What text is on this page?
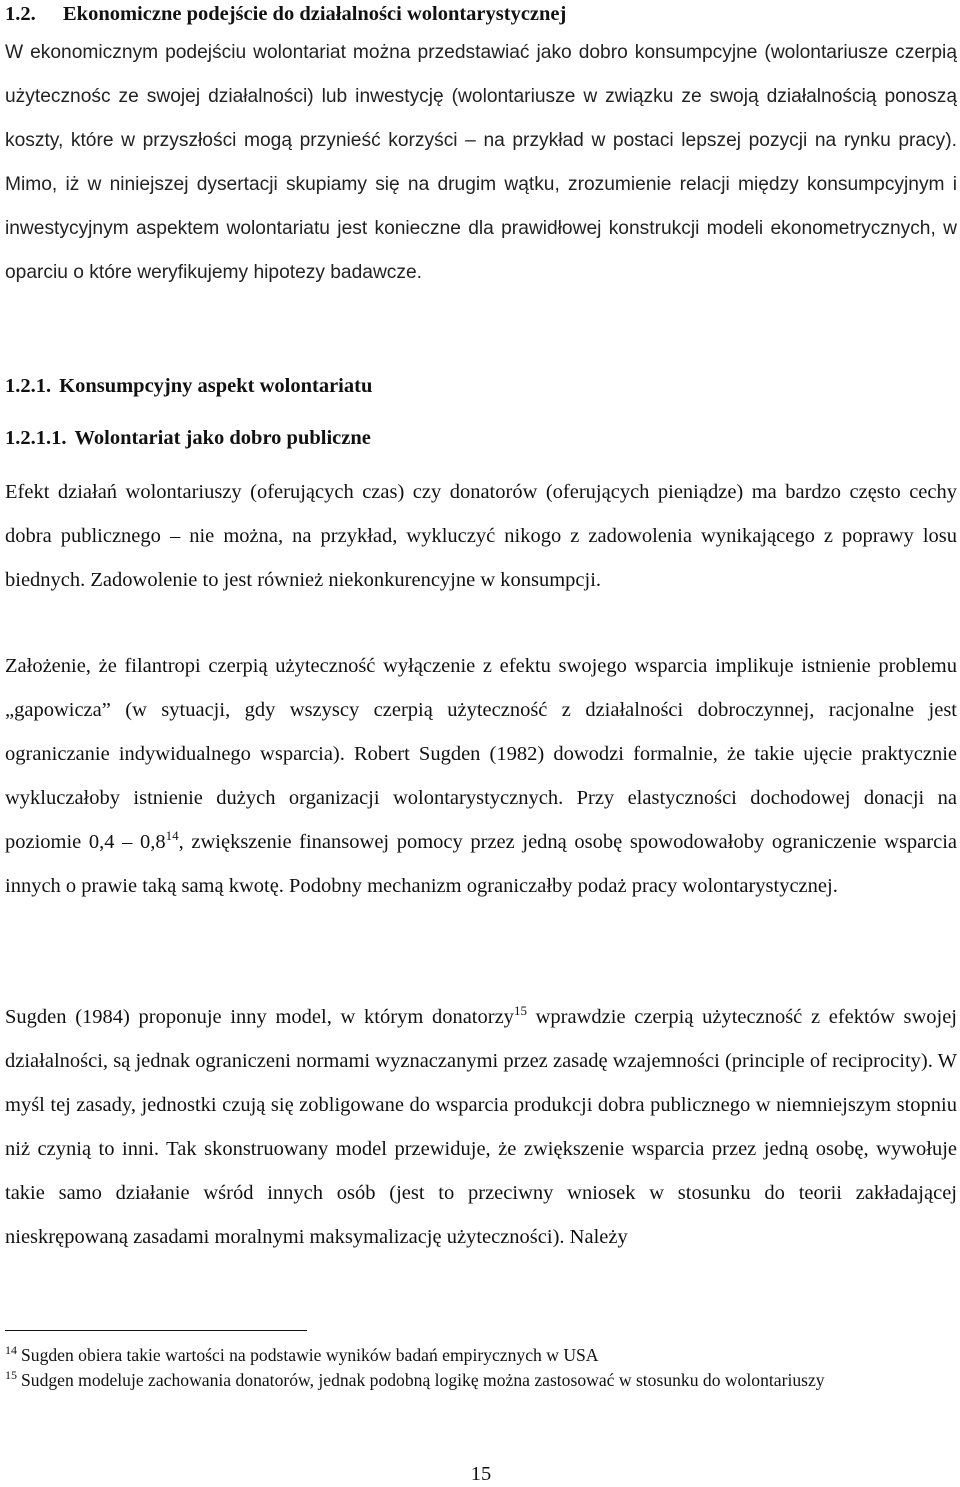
1.2. Ekonomiczne podejście do działalności wolontarystycznej
W ekonomicznym podejściu wolontariat można przedstawiać jako dobro konsumpcyjne (wolontariusze czerpią użytecznośc ze swojej działalności) lub inwestycję (wolontariusze w związku ze swoją działalnością ponoszą koszty, które w przyszłości mogą przynieść korzyści – na przykład w postaci lepszej pozycji na rynku pracy). Mimo, iż w niniejszej dysertacji skupiamy się na drugim wątku, zrozumienie relacji między konsumpcyjnym i inwestycyjnym aspektem wolontariatu jest konieczne dla prawidłowej konstrukcji modeli ekonometrycznych, w oparciu o które weryfikujemy hipotezy badawcze.
1.2.1. Konsumpcyjny aspekt wolontariatu
1.2.1.1. Wolontariat jako dobro publiczne
Efekt działań wolontariuszy (oferujących czas) czy donatorów (oferujących pieniądze) ma bardzo często cechy dobra publicznego – nie można, na przykład, wykluczyć nikogo z zadowolenia wynikającego z poprawy losu biednych. Zadowolenie to jest również niekonkurencyjne w konsumpcji.
Założenie, że filantropi czerpią użyteczność wyłączenie z efektu swojego wsparcia implikuje istnienie problemu „gapowicza” (w sytuacji, gdy wszyscy czerpią użyteczność z działalności dobroczynnej, racjonalne jest ograniczanie indywidualnego wsparcia). Robert Sugden (1982) dowodzi formalnie, że takie ujęcie praktycznie wykluczałoby istnienie dużych organizacji wolontarystycznych. Przy elastyczności dochodowej donacji na poziomie 0,4 – 0,8$^{14}$, zwiększenie finansowej pomocy przez jedną osobę spowodowałoby ograniczenie wsparcia innych o prawie taką samą kwotę. Podobny mechanizm ograniczałby podaż pracy wolontarystycznej.
Sugden (1984) proponuje inny model, w którym donatorzy$^{15}$ wprawdzie czerpią użyteczność z efektów swojej działalności, są jednak ograniczeni normami wyznaczanymi przez zasadę wzajemności (principle of reciprocity). W myśl tej zasady, jednostki czują się zobligowane do wsparcia produkcji dobra publicznego w niemniejszym stopniu niż czynią to inni. Tak skonstruowany model przewiduje, że zwiększenie wsparcia przez jedną osobę, wywołuje takie samo działanie wśród innych osób (jest to przeciwny wniosek w stosunku do teorii zakładającej nieskrępowaną zasadami moralnymi maksymalizację użyteczności). Należy
$^{14}$ Sugden obiera takie wartości na podstawie wyników badań empirycznych w USA
$^{15}$ Sudgen modeluje zachowania donatorów, jednak podobną logikę można zastosować w stosunku do wolontariuszy
15
